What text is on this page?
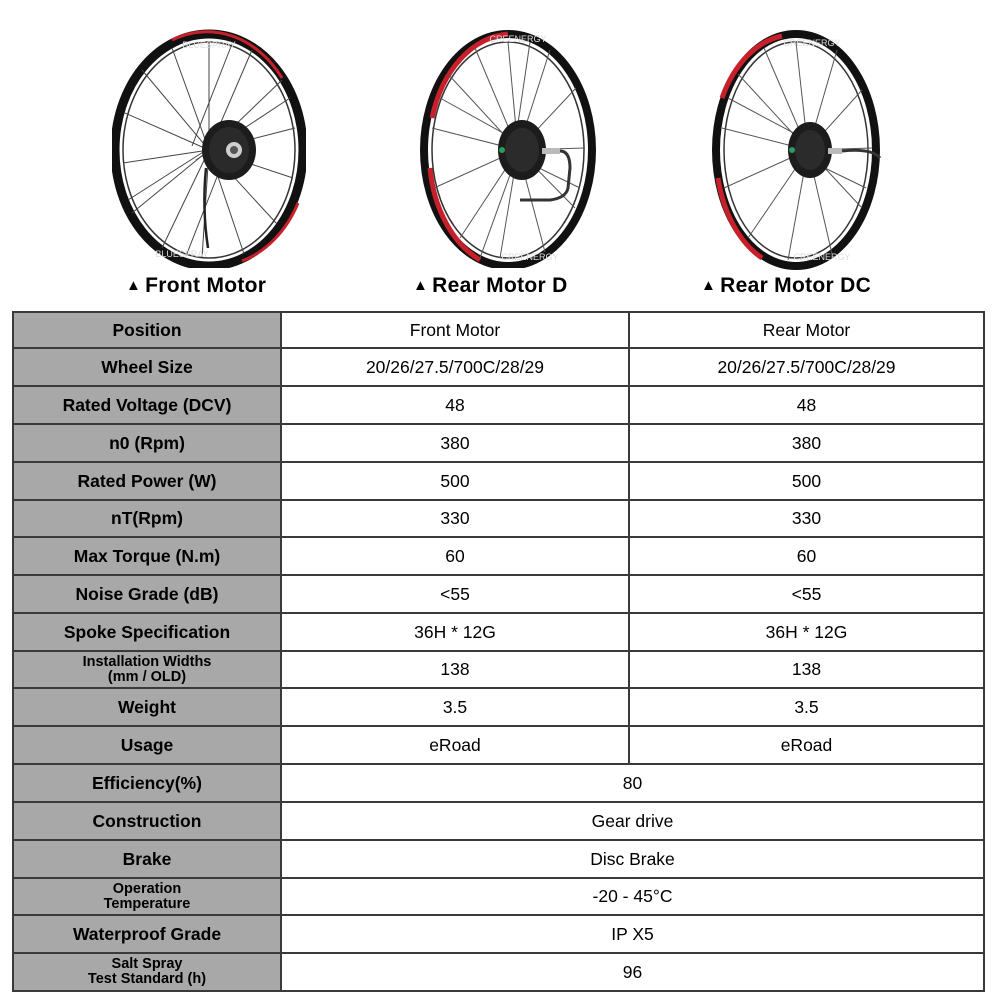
BLUESPRAY
BLUESPRAY
CREENERGY
CREENERGY
CREENERGY
CREENERGY
▲ Front Motor	▲ Rear Motor D	▲ Rear Motor DC
Position	Front Motor	Rear Motor
Wheel Size	20/26/27.5/700C/28/29	20/26/27.5/700C/28/29
Rated Voltage (DCV)	48	48
n0 (Rpm)	380	380
Rated Power (W)	500	500
nT(Rpm)	330	330
Max Torque (N.m)	60	60
Noise Grade (dB)	<55	<55
Spoke Specification	36H * 12G	36H * 12G

Installation Widths
(mm / OLD)	138	138
Weight	3.5	3.5
Usage	eRoad	eRoad
Efficiency(%)	80	
Construction	Gear drive	
Brake	Disc Brake	

Operation
Temperature	-20 - 45°C	
Waterproof Grade	IP X5	

Salt Spray
Test Standard (h)	96	
